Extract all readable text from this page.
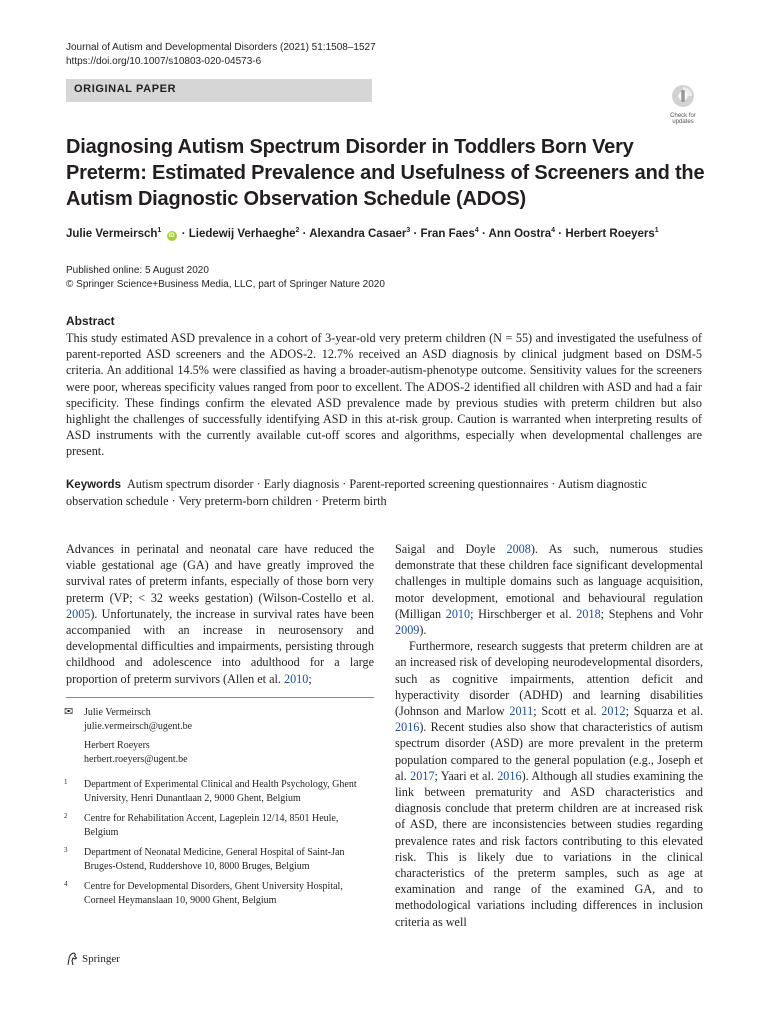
Journal of Autism and Developmental Disorders (2021) 51:1508–1527
https://doi.org/10.1007/s10803-020-04573-6
ORIGINAL PAPER
Check for
updates
Diagnosing Autism Spectrum Disorder in Toddlers Born Very Preterm: Estimated Prevalence and Usefulness of Screeners and the Autism Diagnostic Observation Schedule (ADOS)
Julie Vermeirsch$^1$ iD · Liedewij Verhaeghe$^2$ · Alexandra Casaer$^3$ · Fran Faes$^4$ · Ann Oostra$^4$ · Herbert Roeyers$^1$
Published online: 5 August 2020
© Springer Science+Business Media, LLC, part of Springer Nature 2020
Abstract

This study estimated ASD prevalence in a cohort of 3-year-old very preterm children (N = 55) and investigated the usefulness of parent-reported ASD screeners and the ADOS-2. 12.7% received an ASD diagnosis by clinical judgment based on DSM-5 criteria. An additional 14.5% were classified as having a broader-autism-phenotype outcome. Sensitivity values for the screeners were poor, whereas specificity values ranged from poor to excellent. The ADOS-2 identified all children with ASD and had a fair specificity. These findings confirm the elevated ASD prevalence made by previous studies with preterm children but also highlight the challenges of successfully identifying ASD in this at-risk group. Caution is warranted when interpreting results of ASD instruments with the currently available cut-off scores and algorithms, especially when developmental challenges are present.

Keywords Autism spectrum disorder · Early diagnosis · Parent-reported screening questionnaires · Autism diagnostic observation schedule · Very preterm-born children · Preterm birth

Advances in perinatal and neonatal care have reduced the viable gestational age (GA) and have greatly improved the survival rates of preterm infants, especially of those born very preterm (VP; < 32 weeks gestation) (Wilson-Costello et al. 2005). Unfortunately, the increase in survival rates have been accompanied with an increase in neurosensory and developmental difficulties and impairments, persisting through childhood and adolescence into adulthood for a large proportion of preterm survivors (Allen et al. 2010;

✉	Julie Vermeirsch
julie.vermeirsch@ugent.be
Herbert Roeyers
herbert.roeyers@ugent.be
1	Department of Experimental Clinical and Health Psychology, Ghent University, Henri Dunantlaan 2, 9000 Ghent, Belgium
2	Centre for Rehabilitation Accent, Lageplein 12/14, 8501 Heule, Belgium
3	Department of Neonatal Medicine, General Hospital of Saint-Jan Bruges-Ostend, Ruddershove 10, 8000 Bruges, Belgium
4	Centre for Developmental Disorders, Ghent University Hospital, Corneel Heymanslaan 10, 9000 Ghent, Belgium

Saigal and Doyle 2008). As such, numerous studies demonstrate that these children face significant developmental challenges in multiple domains such as language acquisition, motor development, emotional and behavioural regulation (Milligan 2010; Hirschberger et al. 2018; Stephens and Vohr 2009).

Furthermore, research suggests that preterm children are at an increased risk of developing neurodevelopmental disorders, such as cognitive impairments, attention deficit and hyperactivity disorder (ADHD) and learning disabilities (Johnson and Marlow 2011; Scott et al. 2012; Squarza et al. 2016). Recent studies also show that characteristics of autism spectrum disorder (ASD) are more prevalent in the preterm population compared to the general population (e.g., Joseph et al. 2017; Yaari et al. 2016). Although all studies examining the link between prematurity and ASD characteristics and diagnosis conclude that preterm children are at increased risk of ASD, there are inconsistencies between studies regarding prevalence rates and risk factors contributing to this elevated risk. This is likely due to variations in the clinical characteristics of the preterm samples, such as age at examination and range of the examined GA, and to methodological variations including differences in inclusion criteria as well

Springer
